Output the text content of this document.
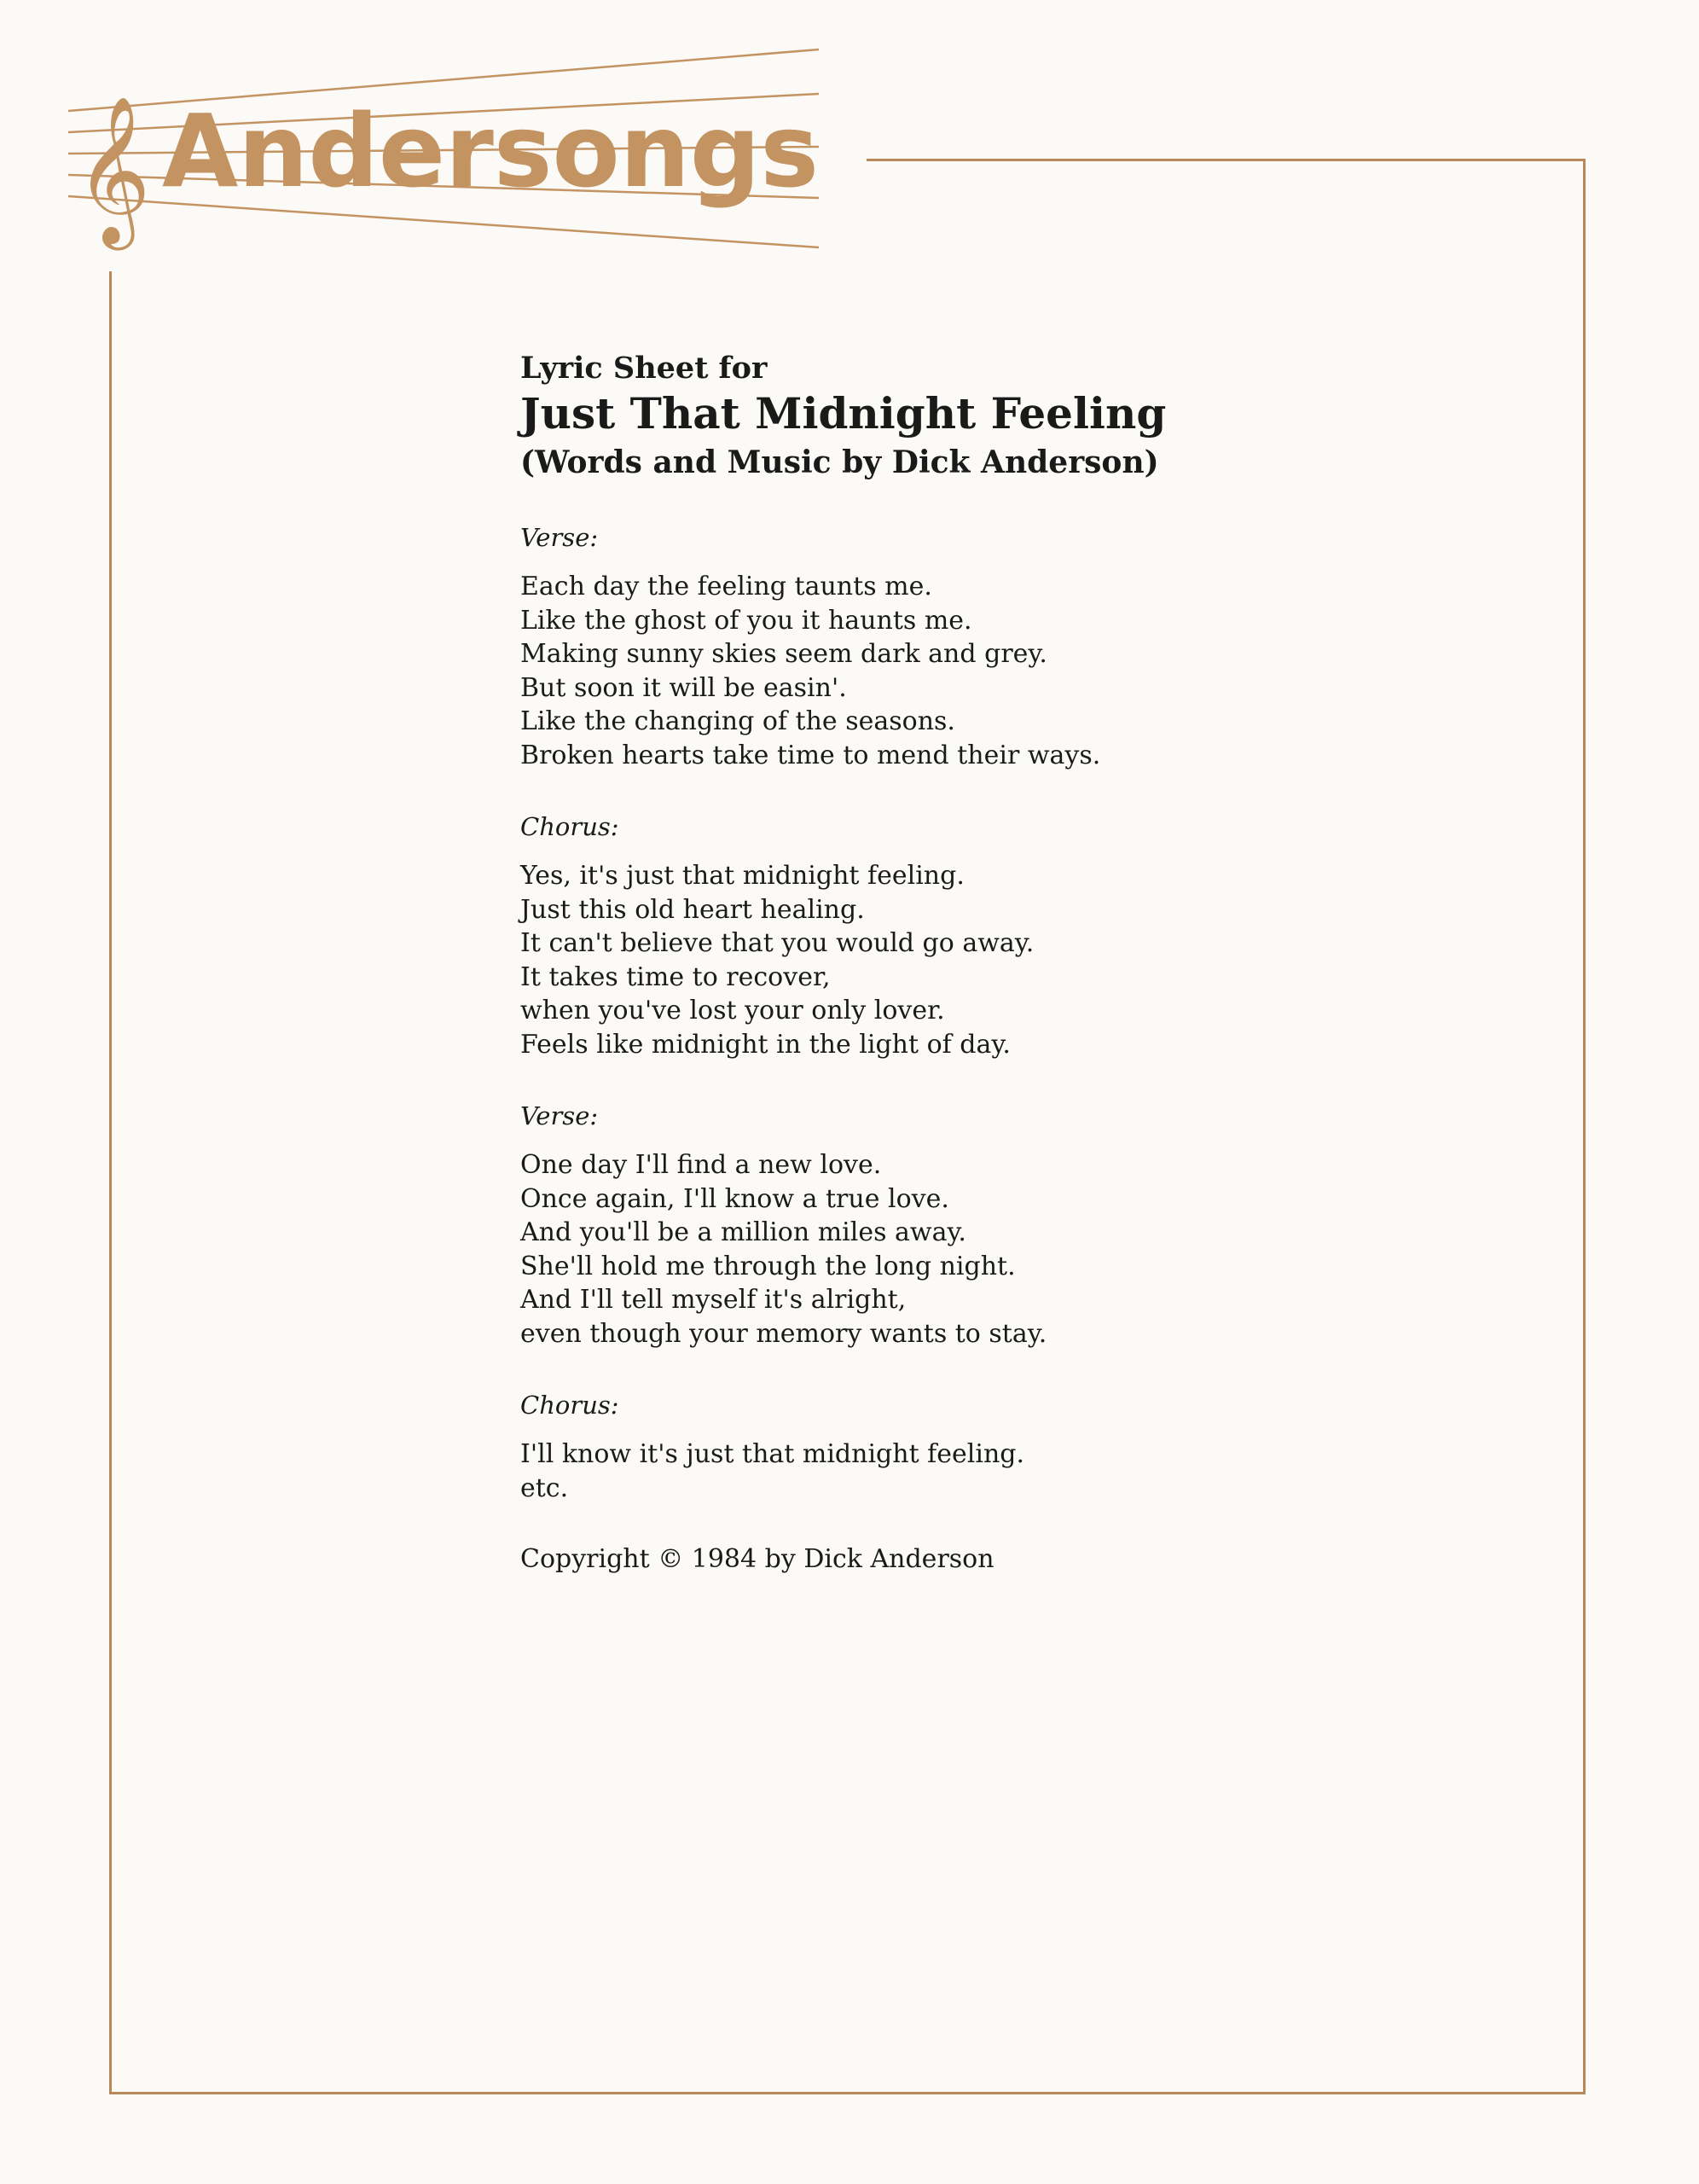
𝄞 Andersongs
Lyric Sheet for
Just That Midnight Feeling
(Words and Music by Dick Anderson)
Verse:
Each day the feeling taunts me.
Like the ghost of you it haunts me.
Making sunny skies seem dark and grey.
But soon it will be easin'.
Like the changing of the seasons.
Broken hearts take time to mend their ways.
Chorus:
Yes, it's just that midnight feeling.
Just this old heart healing.
It can't believe that you would go away.
It takes time to recover,
when you've lost your only lover.
Feels like midnight in the light of day.
Verse:
One day I'll find a new love.
Once again, I'll know a true love.
And you'll be a million miles away.
She'll hold me through the long night.
And I'll tell myself it's alright,
even though your memory wants to stay.
Chorus:
I'll know it's just that midnight feeling.
etc.
Copyright © 1984 by Dick Anderson
